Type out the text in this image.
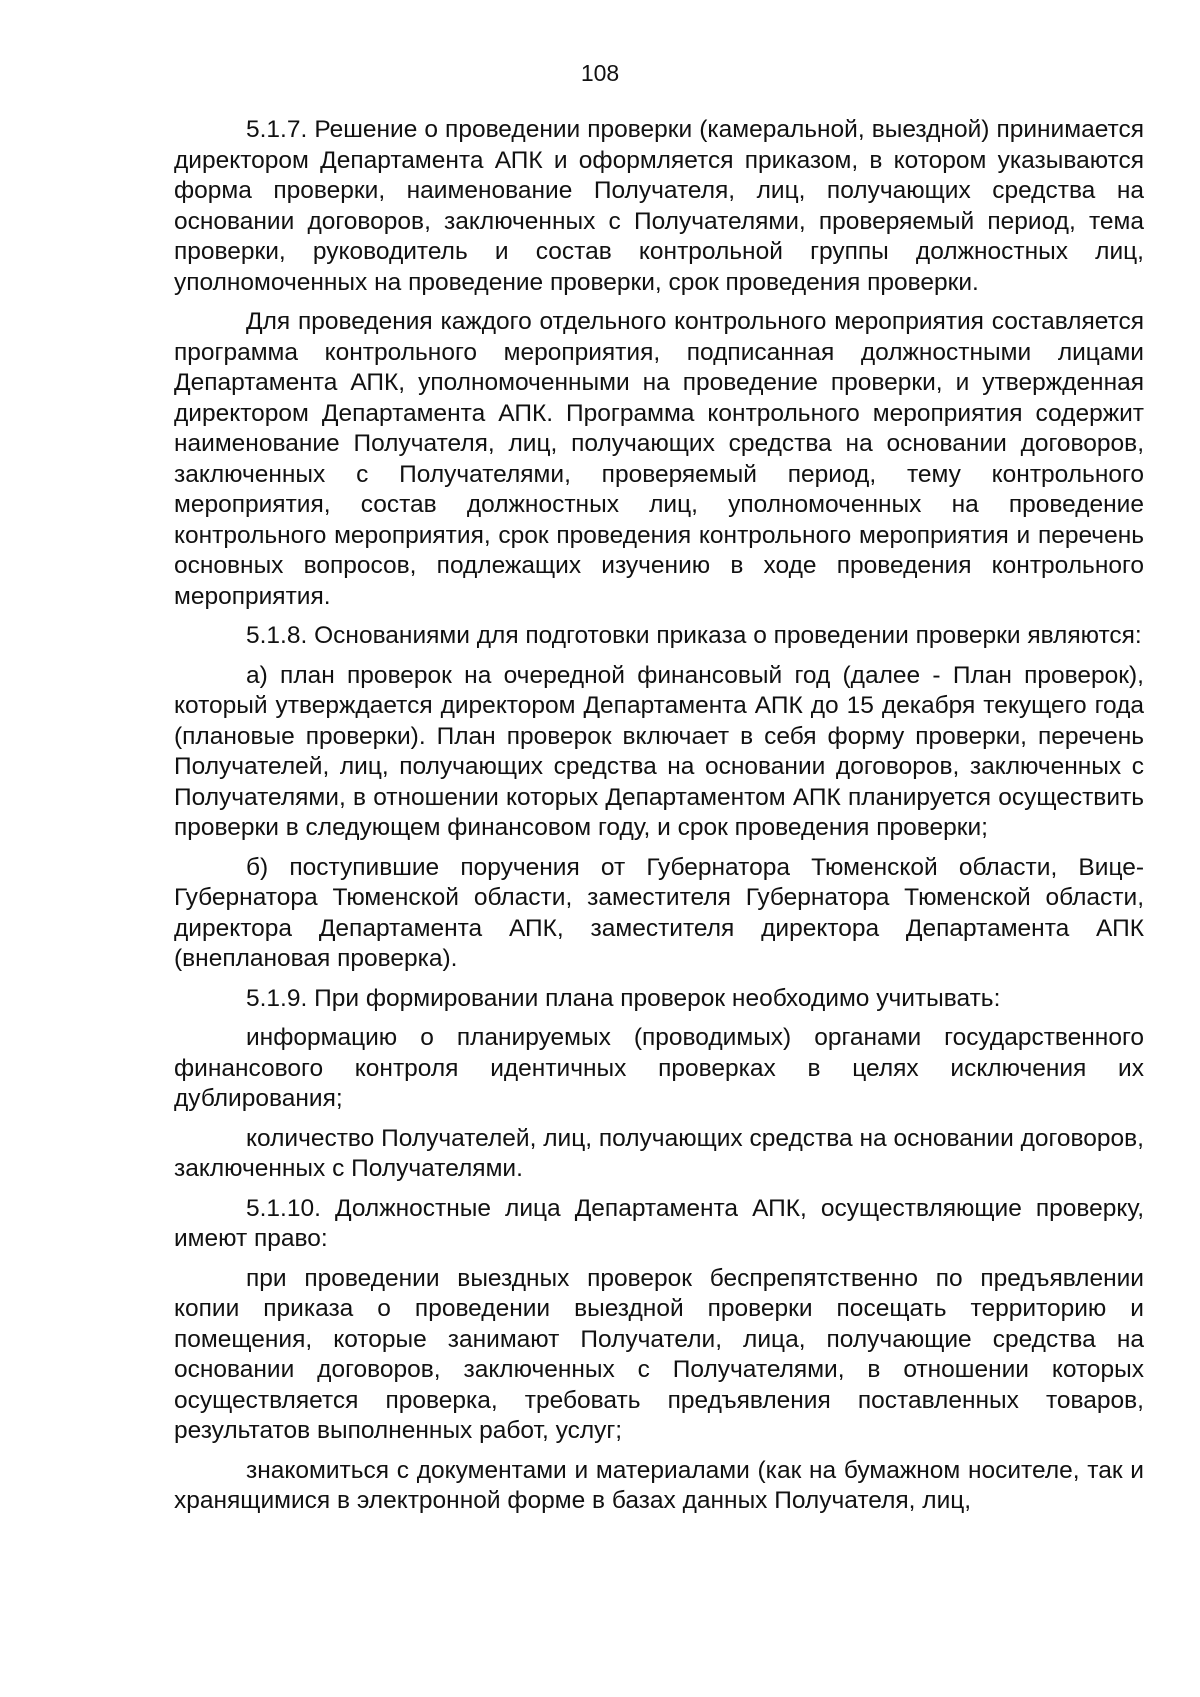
108

5.1.7. Решение о проведении проверки (камеральной, выездной) принимается директором Департамента АПК и оформляется приказом, в котором указываются форма проверки, наименование Получателя, лиц, получающих средства на основании договоров, заключенных с Получателями, проверяемый период, тема проверки, руководитель и состав контрольной группы должностных лиц, уполномоченных на проведение проверки, срок проведения проверки.

Для проведения каждого отдельного контрольного мероприятия составляется программа контрольного мероприятия, подписанная должностными лицами Департамента АПК, уполномоченными на проведение проверки, и утвержденная директором Департамента АПК. Программа контрольного мероприятия содержит наименование Получателя, лиц, получающих средства на основании договоров, заключенных с Получателями, проверяемый период, тему контрольного мероприятия, состав должностных лиц, уполномоченных на проведение контрольного мероприятия, срок проведения контрольного мероприятия и перечень основных вопросов, подлежащих изучению в ходе проведения контрольного мероприятия.

5.1.8. Основаниями для подготовки приказа о проведении проверки являются:

а) план проверок на очередной финансовый год (далее - План проверок), который утверждается директором Департамента АПК до 15 декабря текущего года (плановые проверки). План проверок включает в себя форму проверки, перечень Получателей, лиц, получающих средства на основании договоров, заключенных с Получателями, в отношении которых Департаментом АПК планируется осуществить проверки в следующем финансовом году, и срок проведения проверки;

б) поступившие поручения от Губернатора Тюменской области, Вице-Губернатора Тюменской области, заместителя Губернатора Тюменской области, директора Департамента АПК, заместителя директора Департамента АПК (внеплановая проверка).

5.1.9. При формировании плана проверок необходимо учитывать:

информацию о планируемых (проводимых) органами государственного финансового контроля идентичных проверках в целях исключения их дублирования;

количество Получателей, лиц, получающих средства на основании договоров, заключенных с Получателями.

5.1.10. Должностные лица Департамента АПК, осуществляющие проверку, имеют право:

при проведении выездных проверок беспрепятственно по предъявлении копии приказа о проведении выездной проверки посещать территорию и помещения, которые занимают Получатели, лица, получающие средства на основании договоров, заключенных с Получателями, в отношении которых осуществляется проверка, требовать предъявления поставленных товаров, результатов выполненных работ, услуг;

знакомиться с документами и материалами (как на бумажном носителе, так и хранящимися в электронной форме в базах данных Получателя, лиц,
